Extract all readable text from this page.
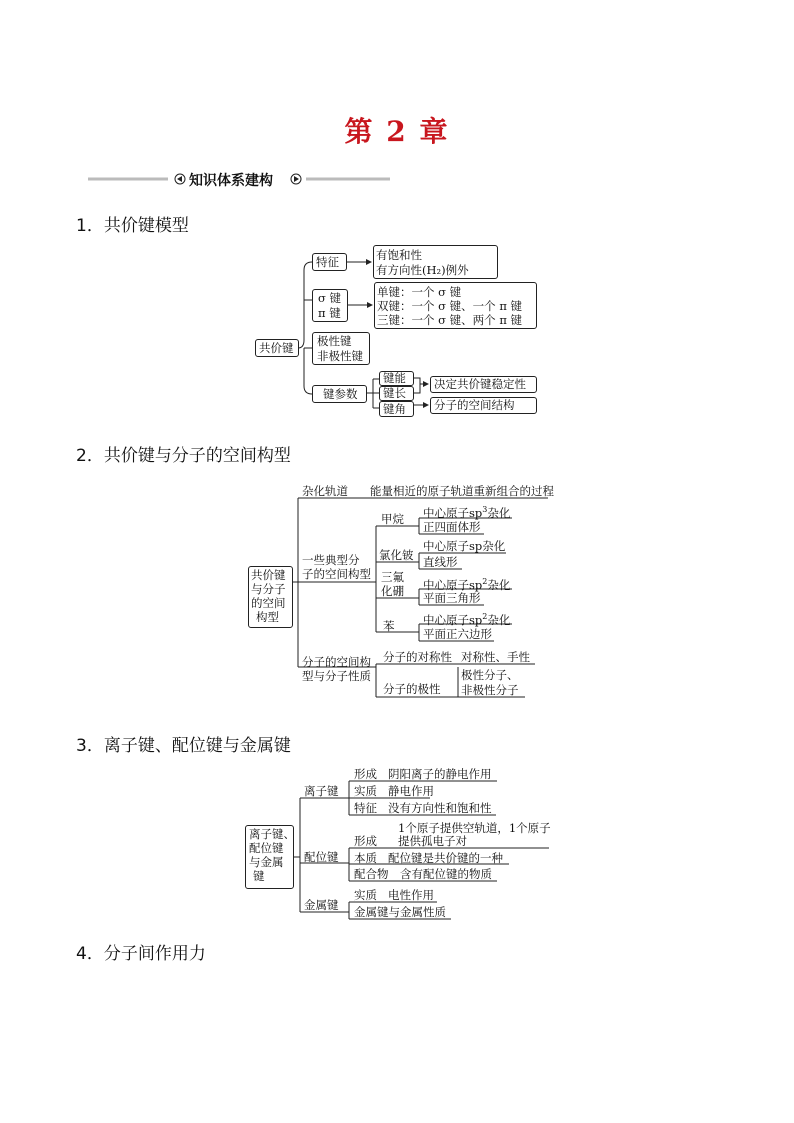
第 2 章
知识体系建构
1．共价键模型
2．共价键与分子的空间构型
3．离子键、配位键与金属键
4．分子间作用力
共价键
特征	有饱和性
有方向性(H₂)例外
σ 键
π 键
单键：一个 σ 键
双键：一个 σ 键、一个 π 键
三键：一个 σ 键、两个 π 键
极性键
非极性键
键参数
键能
键长
键角
决定共价键稳定性
分子的空间结构
共价键
与分子
的空间
构型
杂化轨道 能量相近的原子轨道重新组合的过程
一些典型分
子的空间构型
甲烷 中心原子$sp^3$杂化
正四面体形
氯化铍
中心原子sp杂化
直线形
三氟
化硼 中心原子$sp^2$杂化
平面三角形
苯 中心原子$sp^2$杂化
平面正六边形
分子的空间构
型与分子性质
分子的对称性 对称性、手性
分子的极性
极性分子、
非极性分子
离子键、
配位键
与金属
键
离子键
形成 阴阳离子的静电作用
实质 静电作用
特征 没有方向性和饱和性
配位键
形成
1个原子提供空轨道，1个原子
提供孤电子对
本质 配位键是共价键的一种
配合物 含有配位键的物质
金属键
实质 电性作用
金属键与金属性质
